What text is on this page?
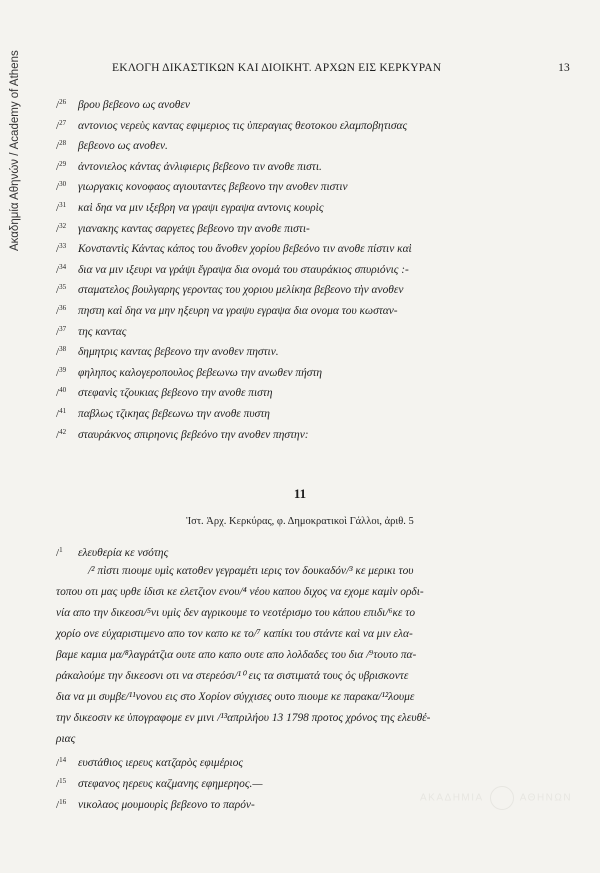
Ακαδημία Αθηνών / Academy of Athens	ΕΚΛΟΓΗ ΔΙΚΑΣΤΙΚΩΝ ΚΑΙ ΔΙΟΙΚΗΤ. ΑΡΧΩΝ ΕΙΣ ΚΕΡΚΥΡΑΝ	13
/$^{26}$ βρου βεβεονο ως ανοθεν
/$^{27}$ αντονιος νερεὺς καντας εφιμεριος τις ὑπεραγιας θεοτοκου ελαμποβητισας
/$^{28}$ βεβεονο ως ανοθεν.
/$^{29}$ ἀντονιελος κάντας ἀνλιφιερις βεβεονο τιν ανοθε πιστι.
/$^{30}$ γιωργακις κονοφαος αγιουταντες βεβεονο την ανοθεν πιστιν
/$^{31}$ καὶ δηα να μιν ιξεβρη να γραψι εγραψα αντονις κουρὶς
/$^{32}$ γιανακης καντας σαργετες βεβεονο την ανοθε πιστι-
/$^{33}$ Κονσταντὶς Κάντας κάπος του ἄνοθεν χορίου βεβεόνο τιν ανοθε πίστιν καὶ
/$^{34}$ δια να μιν ιξευρι να γράψι ἔγραψα δια ονομά του σταυράκιος σπυριόνις :-
/$^{35}$ σταματελος βουλγαρης γεροντας του χοριου μελίκηα βεβεονο τὴν ανοθεν
/$^{36}$ πηστη καὶ δηα να μην ηξευρη να γραψυ εγραψα δια ονομα του κωσταν-
/$^{37}$ της καντας
/$^{38}$ δημητρις καντας βεβεονο την ανοθεν πηστιν.
/$^{39}$ φηληπος καλογεροπουλος βεβεωνω την ανωθεν πήστη
/$^{40}$ στεφανὶς τζουκιας βεβεονο την ανοθε πιστη
/$^{41}$ παβλως τζικηας βεβεωνω την ανοθε πυστη
/$^{42}$ σταυράκνος σπιρηονις βεβεόνο την ανοθεν πηστην:
11
Ἱστ. Ἀρχ. Κερκύρας, φ. Δημοκρατικοὶ Γάλλοι, ἀριθ. 5
/$^1$ ελευθερία κε νσότης
/² πὶστι πιουμε υμὶς κατοθεν γεγραμέτι ιερις τον δουκαδόν/³ κε μερικι του
τοπου οτι μας υρθε ίδισι κε ελετζιον ενου/⁴ νέου καπου διχος να εχομε καμὶν ορδι-
νία απο την δικεοσι/⁵νι υμὶς δεν αγρικουμε το νεοτέρισμο του κάπου επιδι/⁶κε το
χορίο ονε εὐχαριστιμενο απο τον καπο κε το/⁷ καπίκι του στάντε καὶ να μιν ελα-
βαμε καμια μα/⁸λαγράτζια ουτε απο καπο ουτε απο λολδαδες του δια /⁹τουτο πα-
ράκαλούμε την δικεοσνι οτι να στερεόσι/¹⁰ εις τα σιστιματά τους ὀς υβρισκοντε
δια να μι συμβε/¹¹νονου εις στο Χορίον σύγχισες ουτο πιουμε κε παρακα/¹²λουμε
την δικεοσιν κε ὑπογραφομε εν μινι /¹³απριλήου 13 1798 προτος χρόνος της ελευθέ-
ριας
/$^{14}$ ευστάθιος ιερευς κατζαρὸς εφιμέριος
/$^{15}$ στεφανος ηερευς καζμανης εφημερηος.—
/$^{16}$ νικολαος μουμουρὶς βεβεονο το παρόν-
ΑΚΑΔΗΜΙΑ	ΑΘΗΝΩΝ
